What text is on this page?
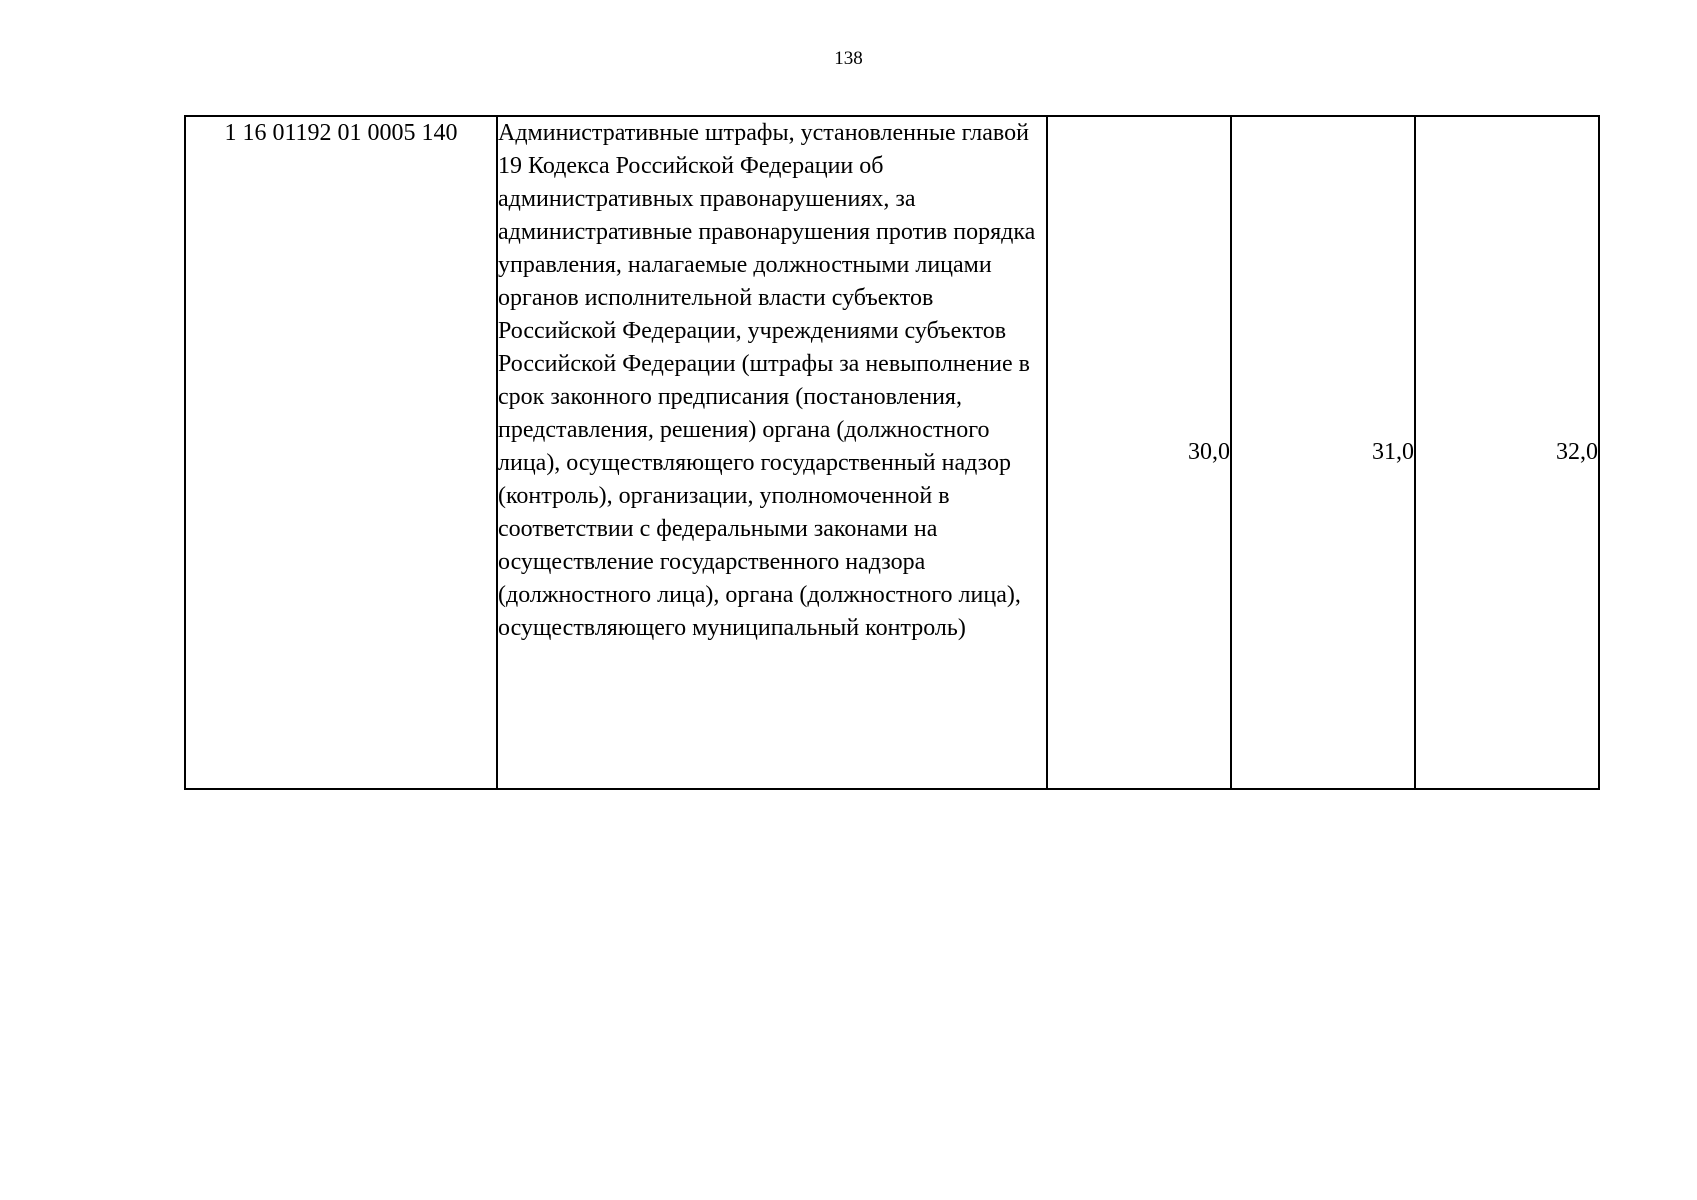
138
1 16 01192 01 0005 140	Административные штрафы, установленные главой 19 Кодекса Российской Федерации об административных правонарушениях, за административные правонарушения против порядка управления, налагаемые должностными лицами органов исполнительной власти субъектов Российской Федерации, учреждениями субъектов Российской Федерации (штрафы за невыполнение в срок законного предписания (постановления, представления, решения) органа (должностного лица), осуществляющего государственный надзор (контроль), организации, уполномоченной в соответствии с федеральными законами на осуществление государственного надзора (должностного лица), органа (должностного лица), осуществляющего муниципальный контроль)	30,0	31,0	32,0
